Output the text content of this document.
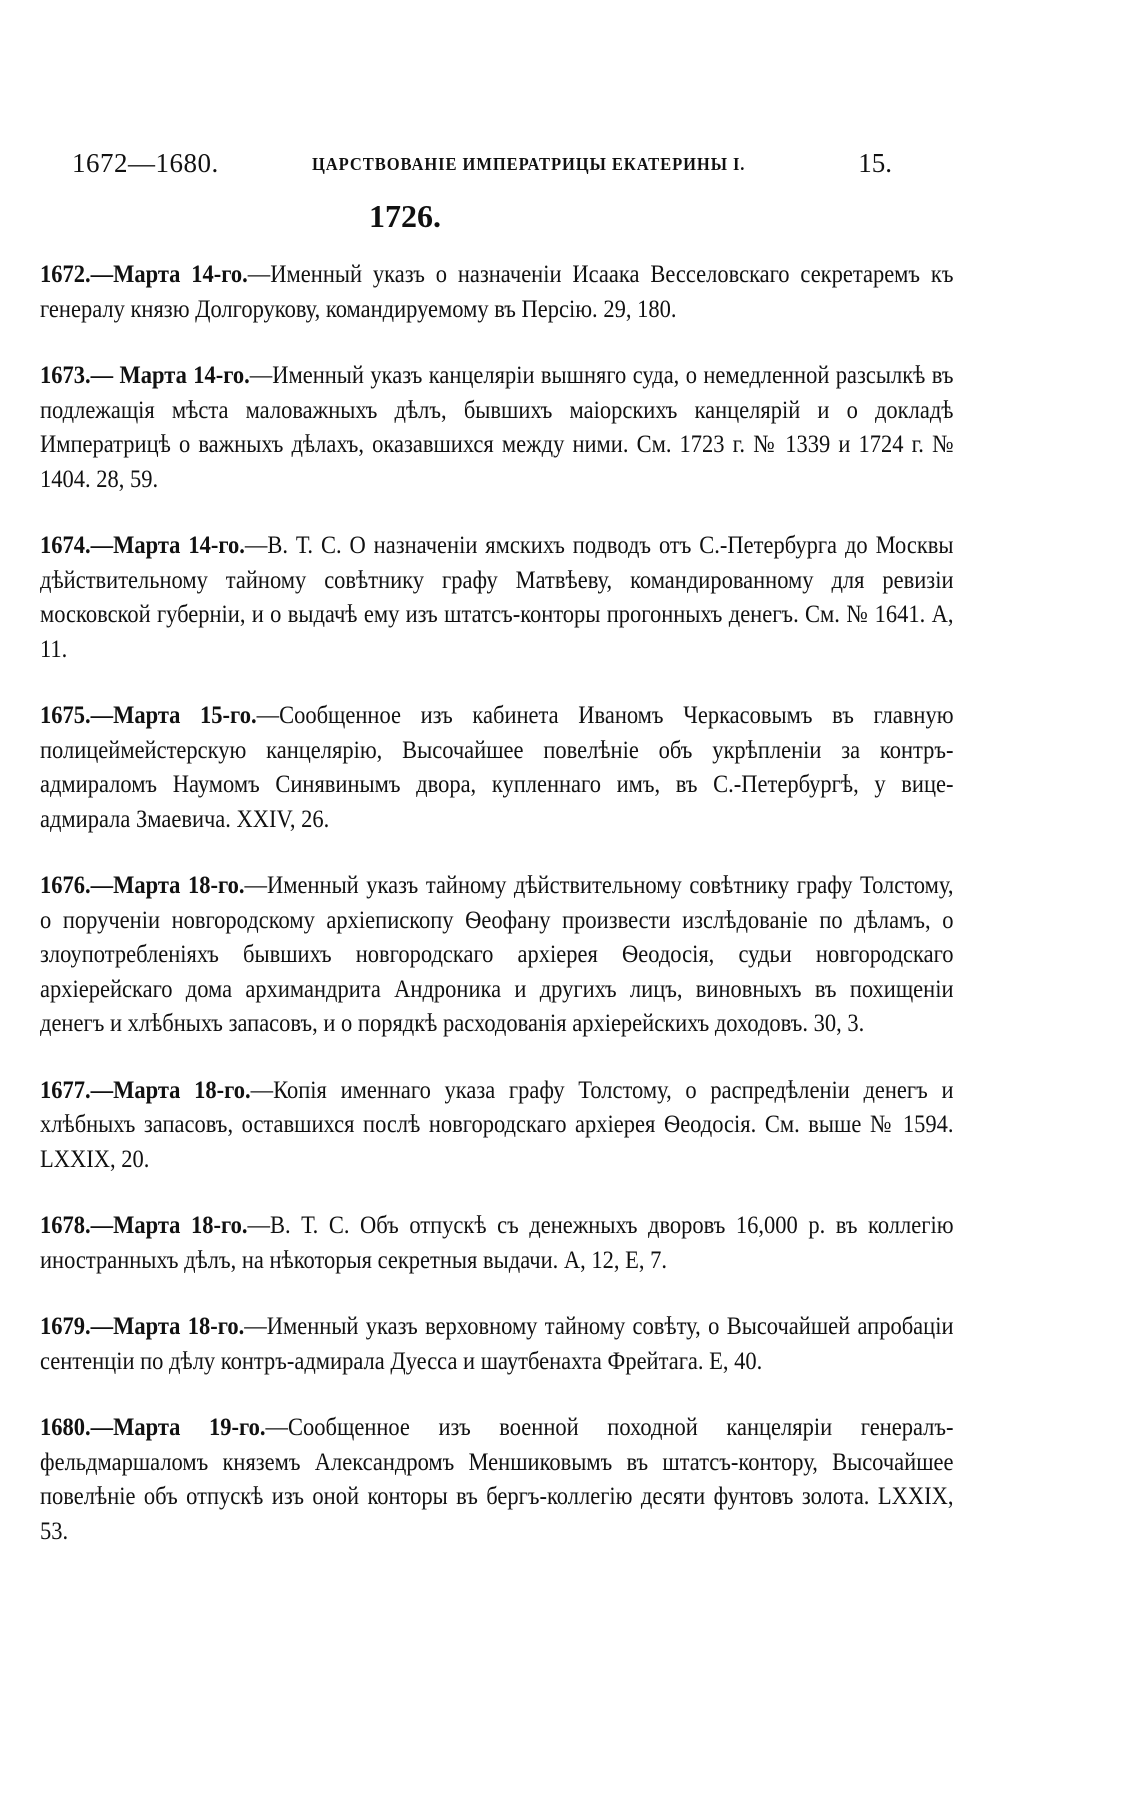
1672—1680.	ЦАРСТВОВАНІЕ ИМПЕРАТРИЦЫ ЕКАТЕРИНЫ I.	15.
1726.

1672.—Марта 14-го.—Именный указъ о назначеніи Исаака Весселовскаго секретаремъ къ генералу князю Долгорукову, командируемому въ Персію. 29, 180.

1673.— Марта 14-го.—Именный указъ канцеляріи вышняго суда, о немедленной разсылкѣ въ подлежащія мѣста маловажныхъ дѣлъ, бывшихъ маіорскихъ канцелярій и о докладѣ Императрицѣ о важныхъ дѣлахъ, оказавшихся между ними. См. 1723 г. № 1339 и 1724 г. № 1404. 28, 59.

1674.—Марта 14-го.—В. Т. С. О назначеніи ямскихъ подводъ отъ С.-Петербурга до Москвы дѣйствительному тайному совѣтнику графу Матвѣеву, командированному для ревизіи московской губерніи, и о выдачѣ ему изъ штатсъ-конторы прогонныхъ денегъ. См. № 1641. А, 11.

1675.—Марта 15-го.—Сообщенное изъ кабинета Иваномъ Черкасовымъ въ главную полицеймейстерскую канцелярію, Высочайшее повелѣніе объ укрѣпленіи за контръ-адмираломъ Наумомъ Синявинымъ двора, купленнаго имъ, въ С.-Петербургѣ, у вице-адмирала Змаевича. XXIV, 26.

1676.—Марта 18-го.—Именный указъ тайному дѣйствительному совѣтнику графу Толстому, о порученіи новгородскому архіепископу Ѳеофану произвести изслѣдованіе по дѣламъ, о злоупотребленіяхъ бывшихъ новгородскаго архіерея Ѳеодосія, судьи новгородскаго архіерейскаго дома архимандрита Андроника и другихъ лицъ, виновныхъ въ похищеніи денегъ и хлѣбныхъ запасовъ, и о порядкѣ расходованія архіерейскихъ доходовъ. 30, 3.

1677.—Марта 18-го.—Копія именнаго указа графу Толстому, о распредѣленіи денегъ и хлѣбныхъ запасовъ, оставшихся послѣ новгородскаго архіерея Ѳеодосія. См. выше № 1594. LXXIX, 20.

1678.—Марта 18-го.—В. Т. С. Объ отпускѣ съ денежныхъ дворовъ 16,000 р. въ коллегію иностранныхъ дѣлъ, на нѣкоторыя секретныя выдачи. А, 12, Е, 7.

1679.—Марта 18-го.—Именный указъ верховному тайному совѣту, о Высочайшей апробаціи сентенціи по дѣлу контръ-адмирала Дуесса и шаутбенахта Фрейтага. Е, 40.

1680.—Марта 19-го.—Сообщенное изъ военной походной канцеляріи генералъ-фельдмаршаломъ княземъ Александромъ Меншиковымъ въ штатсъ-контору, Высочайшее повелѣніе объ отпускѣ изъ оной конторы въ бергъ-коллегію десяти фунтовъ золота. LXXIX, 53.
